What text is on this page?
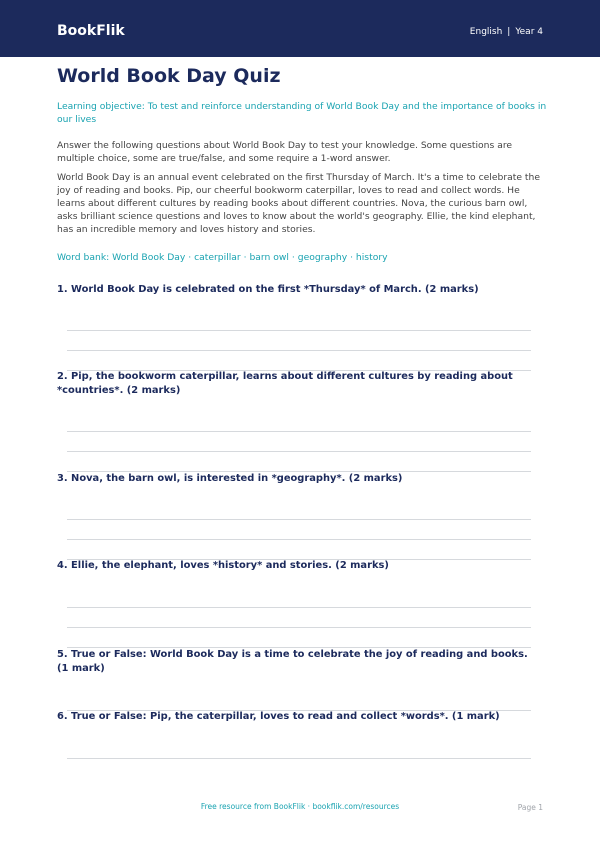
BookFlik	English | Year 4
World Book Day Quiz
Learning objective: To test and reinforce understanding of World Book Day and the importance of books in our lives
Answer the following questions about World Book Day to test your knowledge. Some questions are multiple choice, some are true/false, and some require a 1-word answer.
World Book Day is an annual event celebrated on the first Thursday of March. It's a time to celebrate the joy of reading and books. Pip, our cheerful bookworm caterpillar, loves to read and collect words. He learns about different cultures by reading books about different countries. Nova, the curious barn owl, asks brilliant science questions and loves to know about the world's geography. Ellie, the kind elephant, has an incredible memory and loves history and stories.
Word bank: World Book Day · caterpillar · barn owl · geography · history
1. World Book Day is celebrated on the first *Thursday* of March. (2 marks)
2. Pip, the bookworm caterpillar, learns about different cultures by reading about *countries*. (2 marks)
3. Nova, the barn owl, is interested in *geography*. (2 marks)
4. Ellie, the elephant, loves *history* and stories. (2 marks)
5. True or False: World Book Day is a time to celebrate the joy of reading and books. (1 mark)
6. True or False: Pip, the caterpillar, loves to read and collect *words*. (1 mark)
Free resource from BookFlik · bookflik.com/resources	Page 1
